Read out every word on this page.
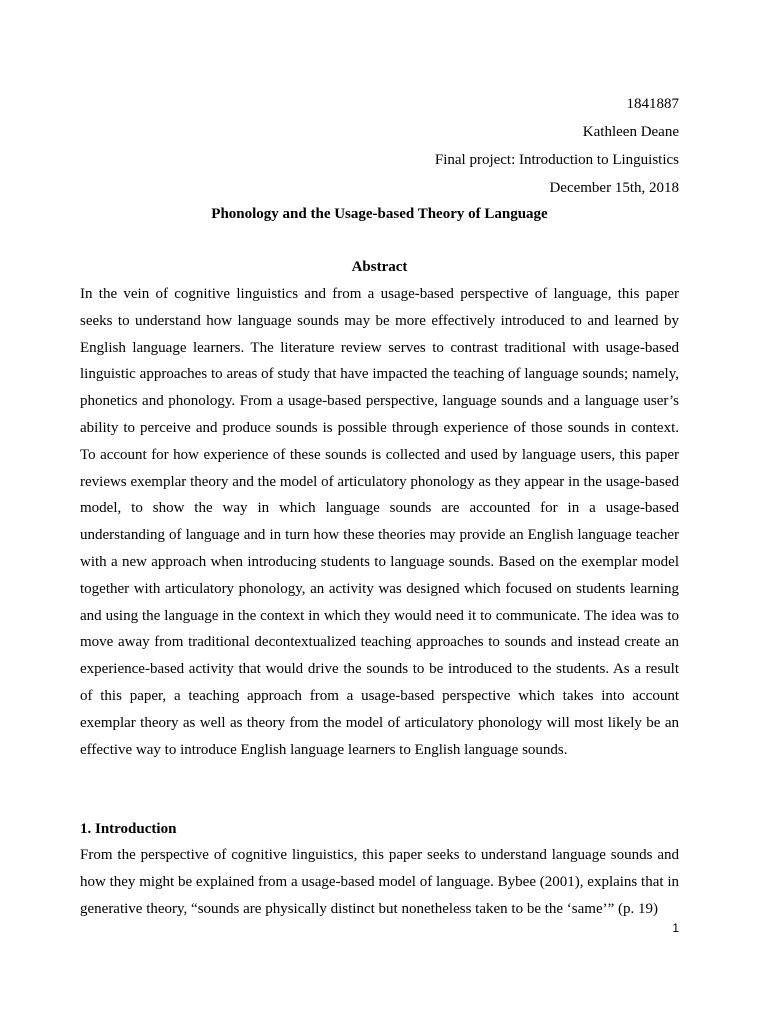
1841887
Kathleen Deane
Final project: Introduction to Linguistics
December 15th, 2018
Phonology and the Usage-based Theory of Language
Abstract

In the vein of cognitive linguistics and from a usage-based perspective of language, this paper seeks to understand how language sounds may be more effectively introduced to and learned by English language learners. The literature review serves to contrast traditional with usage-based linguistic approaches to areas of study that have impacted the teaching of language sounds; namely, phonetics and phonology. From a usage-based perspective, language sounds and a language user’s ability to perceive and produce sounds is possible through experience of those sounds in context. To account for how experience of these sounds is collected and used by language users, this paper reviews exemplar theory and the model of articulatory phonology as they appear in the usage-based model, to show the way in which language sounds are accounted for in a usage-based understanding of language and in turn how these theories may provide an English language teacher with a new approach when introducing students to language sounds. Based on the exemplar model together with articulatory phonology, an activity was designed which focused on students learning and using the language in the context in which they would need it to communicate. The idea was to move away from traditional decontextualized teaching approaches to sounds and instead create an experience-based activity that would drive the sounds to be introduced to the students. As a result of this paper, a teaching approach from a usage-based perspective which takes into account exemplar theory as well as theory from the model of articulatory phonology will most likely be an effective way to introduce English language learners to English language sounds.

1. Introduction

From the perspective of cognitive linguistics, this paper seeks to understand language sounds and how they might be explained from a usage-based model of language. Bybee (2001), explains that in generative theory, “sounds are physically distinct but nonetheless taken to be the ‘same’” (p. 19)

1
